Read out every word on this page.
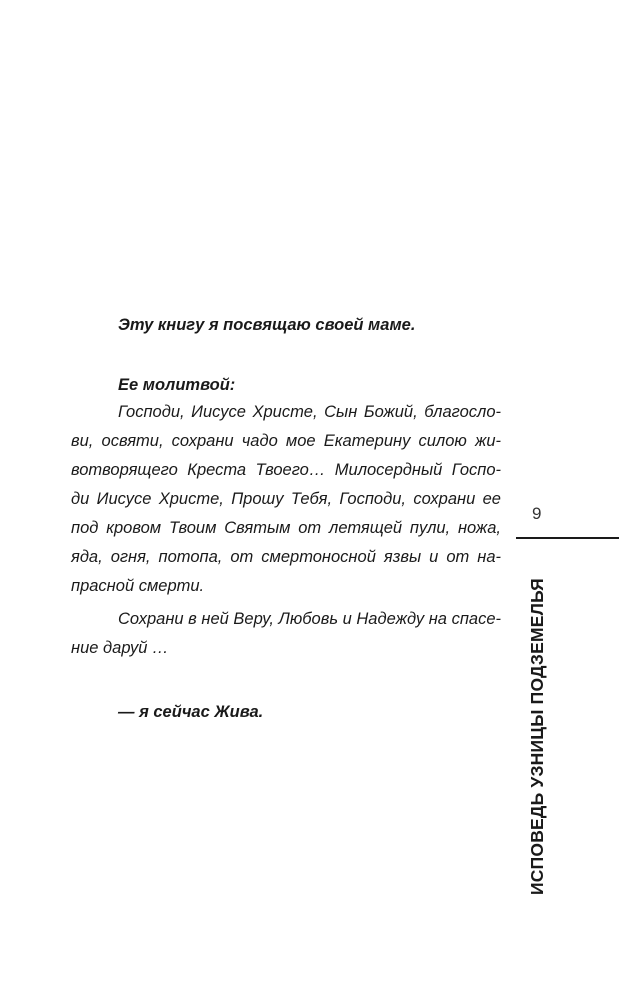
Эту книгу я посвящаю своей маме.
Ее молитвой:
Господи, Иисусе Христе, Сын Божий, благосло-
ви, освяти, сохрани чадо мое Екатерину силою жи-
вотворящего Креста Твоего… Милосердный Госпо-
ди Иисусе Христе, Прошу Тебя, Господи, сохрани ее
под кровом Твоим Святым от летящей пули, ножа,
яда, огня, потопа, от смертоносной язвы и от на-
прасной смерти.
Сохрани в ней Веру, Любовь и Надежду на спасе-
ние даруй …
— я сейчас Жива.
9
ИСПОВЕДЬ УЗНИЦЫ ПОДЗЕМЕЛЬЯ
